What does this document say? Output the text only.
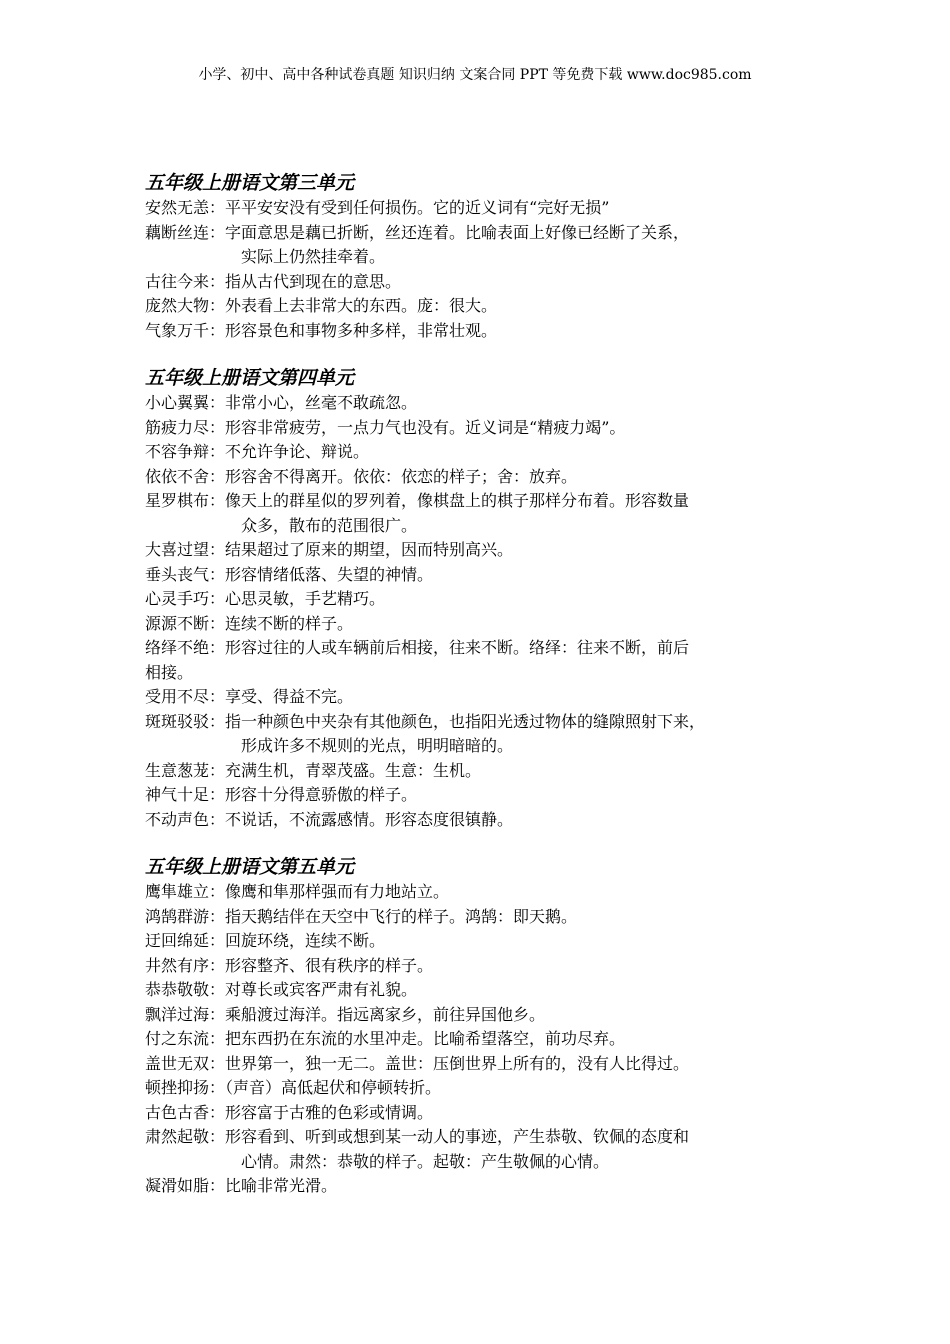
小学、初中、高中各种试卷真题 知识归纳 文案合同 PPT 等免费下载 www.doc985.com
五年级上册语文第三单元
安然无恙：平平安安没有受到任何损伤。它的近义词有“完好无损”
藕断丝连：字面意思是藕已折断，丝还连着。比喻表面上好像已经断了关系，
实际上仍然挂牵着。
古往今来：指从古代到现在的意思。
庞然大物：外表看上去非常大的东西。庞：很大。
气象万千：形容景色和事物多种多样，非常壮观。
五年级上册语文第四单元
小心翼翼：非常小心，丝毫不敢疏忽。
筋疲力尽：形容非常疲劳，一点力气也没有。近义词是“精疲力竭”。
不容争辩：不允许争论、辩说。
依依不舍：形容舍不得离开。依依：依恋的样子；舍：放弃。
星罗棋布：像天上的群星似的罗列着，像棋盘上的棋子那样分布着。形容数量
众多，散布的范围很广。
大喜过望：结果超过了原来的期望，因而特别高兴。
垂头丧气：形容情绪低落、失望的神情。
心灵手巧：心思灵敏，手艺精巧。
源源不断：连续不断的样子。
络绎不绝：形容过往的人或车辆前后相接，往来不断。络绎：往来不断，前后
相接。
受用不尽：享受、得益不完。
斑斑驳驳：指一种颜色中夹杂有其他颜色，也指阳光透过物体的缝隙照射下来，
形成许多不规则的光点，明明暗暗的。
生意葱茏：充满生机，青翠茂盛。生意：生机。
神气十足：形容十分得意骄傲的样子。
不动声色：不说话，不流露感情。形容态度很镇静。
五年级上册语文第五单元
鹰隼雄立：像鹰和隼那样强而有力地站立。
鸿鹄群游：指天鹅结伴在天空中飞行的样子。鸿鹄：即天鹅。
迂回绵延：回旋环绕，连续不断。
井然有序：形容整齐、很有秩序的样子。
恭恭敬敬：对尊长或宾客严肃有礼貌。
飘洋过海：乘船渡过海洋。指远离家乡，前往异国他乡。
付之东流：把东西扔在东流的水里冲走。比喻希望落空，前功尽弃。
盖世无双：世界第一，独一无二。盖世：压倒世界上所有的，没有人比得过。
顿挫抑扬：（声音）高低起伏和停顿转折。
古色古香：形容富于古雅的色彩或情调。
肃然起敬：形容看到、听到或想到某一动人的事迹，产生恭敬、钦佩的态度和
心情。肃然：恭敬的样子。起敬：产生敬佩的心情。
凝滑如脂：比喻非常光滑。
